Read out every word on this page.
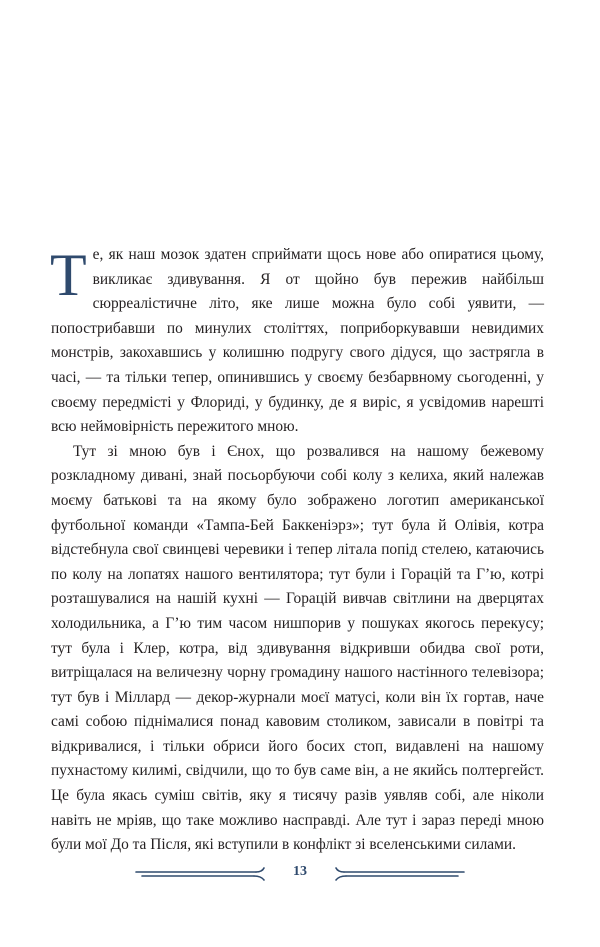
Те, як наш мозок здатен сприймати щось нове або опиратися цьому, викликає здивування. Я от щойно був пережив найбільш сюрреалістичне літо, яке лише можна було собі уявити, — попострибавши по минулих століттях, поприборкувавши невидимих монстрів, закохавшись у колишню подругу свого дідуся, що застрягла в часі, — та тільки тепер, опинившись у своєму безбарвному сьогоденні, у своєму передмісті у Флориді, у будинку, де я виріс, я усвідомив нарешті всю неймовірність пережитого мною.

Тут зі мною був і Єнох, що розвалився на нашому бежевому розкладному дивані, знай посьорбуючи собі колу з келиха, який належав моєму батькові та на якому було зображено логотип американської футбольної команди «Тампа-Бей Баккеніэрз»; тут була й Олівія, котра відстебнула свої свинцеві черевики і тепер літала попід стелею, катаючись по колу на лопатях нашого вентилятора; тут були і Горацій та Г’ю, котрі розташувалися на нашій кухні — Горацій вивчав світлини на дверцятах холодильника, а Г’ю тим часом нишпорив у пошуках якогось перекусу; тут була і Клер, котра, від здивування відкривши обидва свої роти, витріщалася на величезну чорну громадину нашого настінного телевізора; тут був і Міллард — декор-журнали моєї матусі, коли він їх гортав, наче самі собою піднімалися понад кавовим столиком, зависали в повітрі та відкривалися, і тільки обриси його босих стоп, видавлені на нашому пухнастому килимі, свідчили, що то був саме він, а не якийсь полтергейст. Це була якась суміш світів, яку я тисячу разів уявляв собі, але ніколи навіть не мріяв, що таке можливо насправді. Але тут і зараз переді мною були мої До та Після, які вступили в конфлікт зі вселенськими силами.

13
